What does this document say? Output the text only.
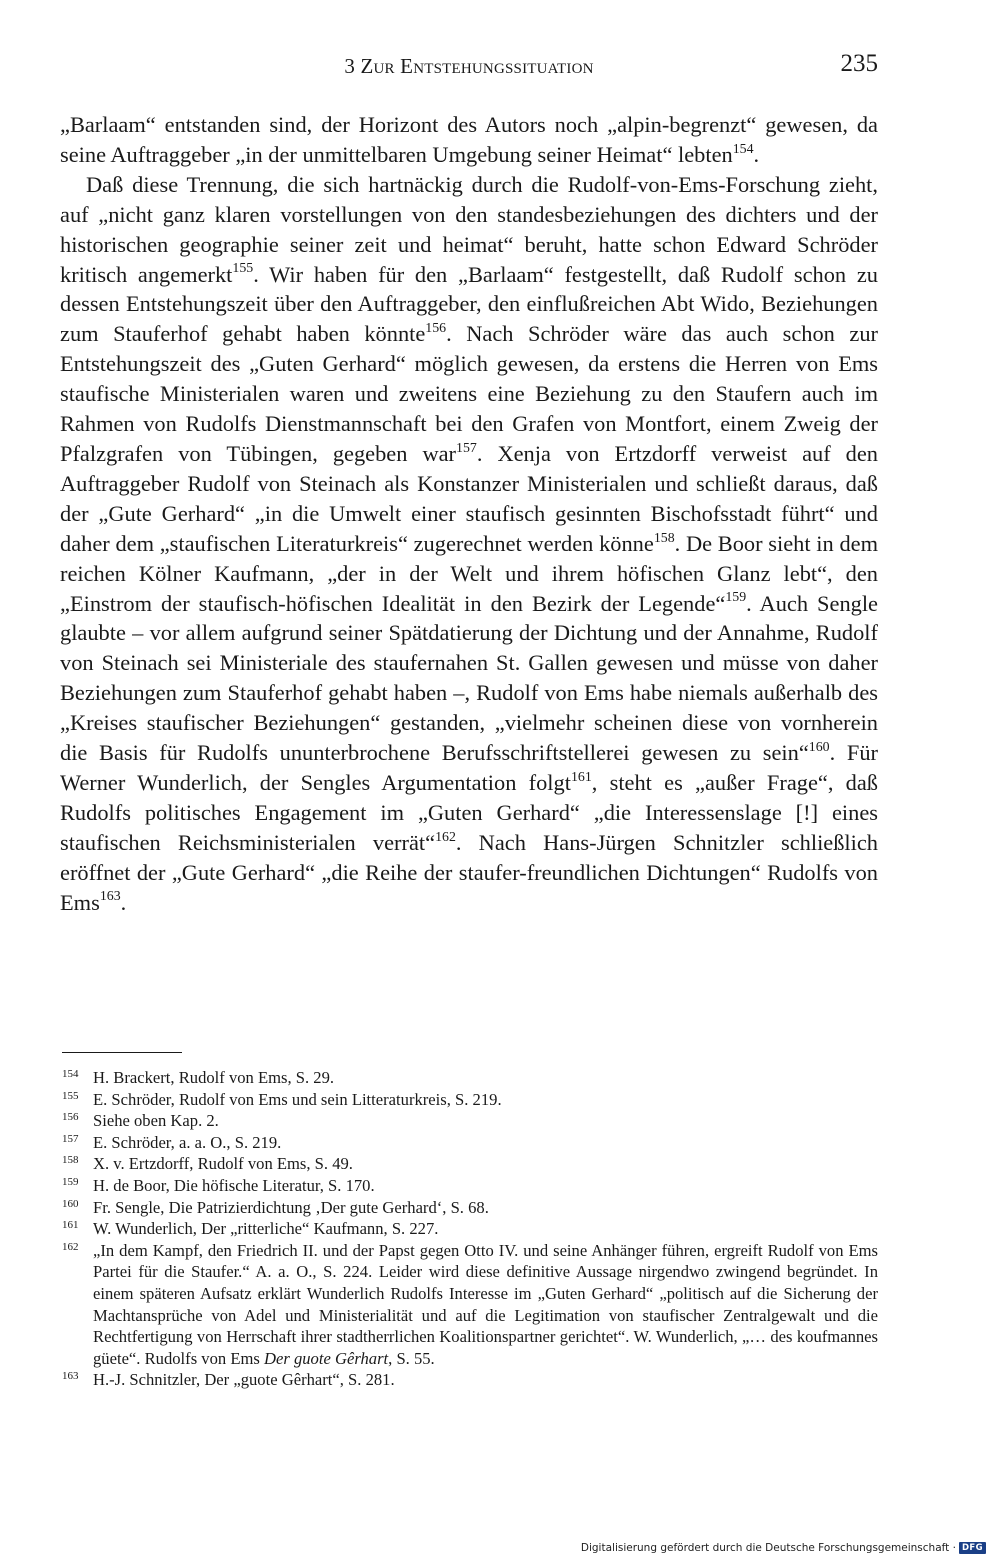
3 Zur Entstehungssituation	235

„Barlaam“ entstanden sind, der Horizont des Autors noch „alpin-begrenzt“ gewesen, da seine Auftraggeber „in der unmittelbaren Umgebung seiner Heimat“ lebten$^{154}$.

Daß diese Trennung, die sich hartnäckig durch die Rudolf-von-Ems-Forschung zieht, auf „nicht ganz klaren vorstellungen von den standesbeziehungen des dichters und der historischen geographie seiner zeit und heimat“ beruht, hatte schon Edward Schröder kritisch angemerkt$^{155}$. Wir haben für den „Barlaam“ festgestellt, daß Rudolf schon zu dessen Entstehungszeit über den Auftraggeber, den einflußreichen Abt Wido, Beziehungen zum Stauferhof gehabt haben könnte$^{156}$. Nach Schröder wäre das auch schon zur Entstehungszeit des „Guten Gerhard“ möglich gewesen, da erstens die Herren von Ems staufische Ministerialen waren und zweitens eine Beziehung zu den Staufern auch im Rahmen von Rudolfs Dienstmannschaft bei den Grafen von Montfort, einem Zweig der Pfalzgrafen von Tübingen, gegeben war$^{157}$. Xenja von Ertzdorff verweist auf den Auftraggeber Rudolf von Steinach als Konstanzer Ministerialen und schließt daraus, daß der „Gute Gerhard“ „in die Umwelt einer staufisch gesinnten Bischofsstadt führt“ und daher dem „staufischen Literaturkreis“ zugerechnet werden könne$^{158}$. De Boor sieht in dem reichen Kölner Kaufmann, „der in der Welt und ihrem höfischen Glanz lebt“, den „Einstrom der staufisch-höfischen Idealität in den Bezirk der Legende“$^{159}$. Auch Sengle glaubte – vor allem aufgrund seiner Spätdatierung der Dichtung und der Annahme, Rudolf von Steinach sei Ministeriale des staufernahen St. Gallen gewesen und müsse von daher Beziehungen zum Stauferhof gehabt haben –, Rudolf von Ems habe niemals außerhalb des „Kreises staufischer Beziehungen“ gestanden, „vielmehr scheinen diese von vornherein die Basis für Rudolfs ununterbrochene Berufsschriftstellerei gewesen zu sein“$^{160}$. Für Werner Wunderlich, der Sengles Argumentation folgt$^{161}$, steht es „außer Frage“, daß Rudolfs politisches Engagement im „Guten Gerhard“ „die Interessenslage [!] eines staufischen Reichsministerialen verrät“$^{162}$. Nach Hans-Jürgen Schnitzler schließlich eröffnet der „Gute Gerhard“ „die Reihe der staufer-freundlichen Dichtungen“ Rudolfs von Ems$^{163}$.

154 H. Brackert, Rudolf von Ems, S. 29.
155 E. Schröder, Rudolf von Ems und sein Litteraturkreis, S. 219.
156 Siehe oben Kap. 2.
157 E. Schröder, a. a. O., S. 219.
158 X. v. Ertzdorff, Rudolf von Ems, S. 49.
159 H. de Boor, Die höfische Literatur, S. 170.
160 Fr. Sengle, Die Patrizierdichtung ‚Der gute Gerhard‘, S. 68.
161 W. Wunderlich, Der „ritterliche“ Kaufmann, S. 227.
162 „In dem Kampf, den Friedrich II. und der Papst gegen Otto IV. und seine Anhänger führen, ergreift Rudolf von Ems Partei für die Staufer.“ A. a. O., S. 224. Leider wird diese definitive Aussage nirgendwo zwingend begründet. In einem späteren Aufsatz erklärt Wunderlich Rudolfs Interesse im „Guten Gerhard“ „politisch auf die Sicherung der Machtansprüche von Adel und Ministerialität und auf die Legitimation von staufischer Zentralgewalt und die Rechtfertigung von Herrschaft ihrer stadtherrlichen Koalitionspartner gerichtet“. W. Wunderlich, „… des koufmannes güete“. Rudolfs von Ems Der guote Gêrhart, S. 55.
163 H.-J. Schnitzler, Der „guote Gêrhart“, S. 281.
Digitalisierung gefördert durch die Deutsche Forschungsgemeinschaft · DFG
